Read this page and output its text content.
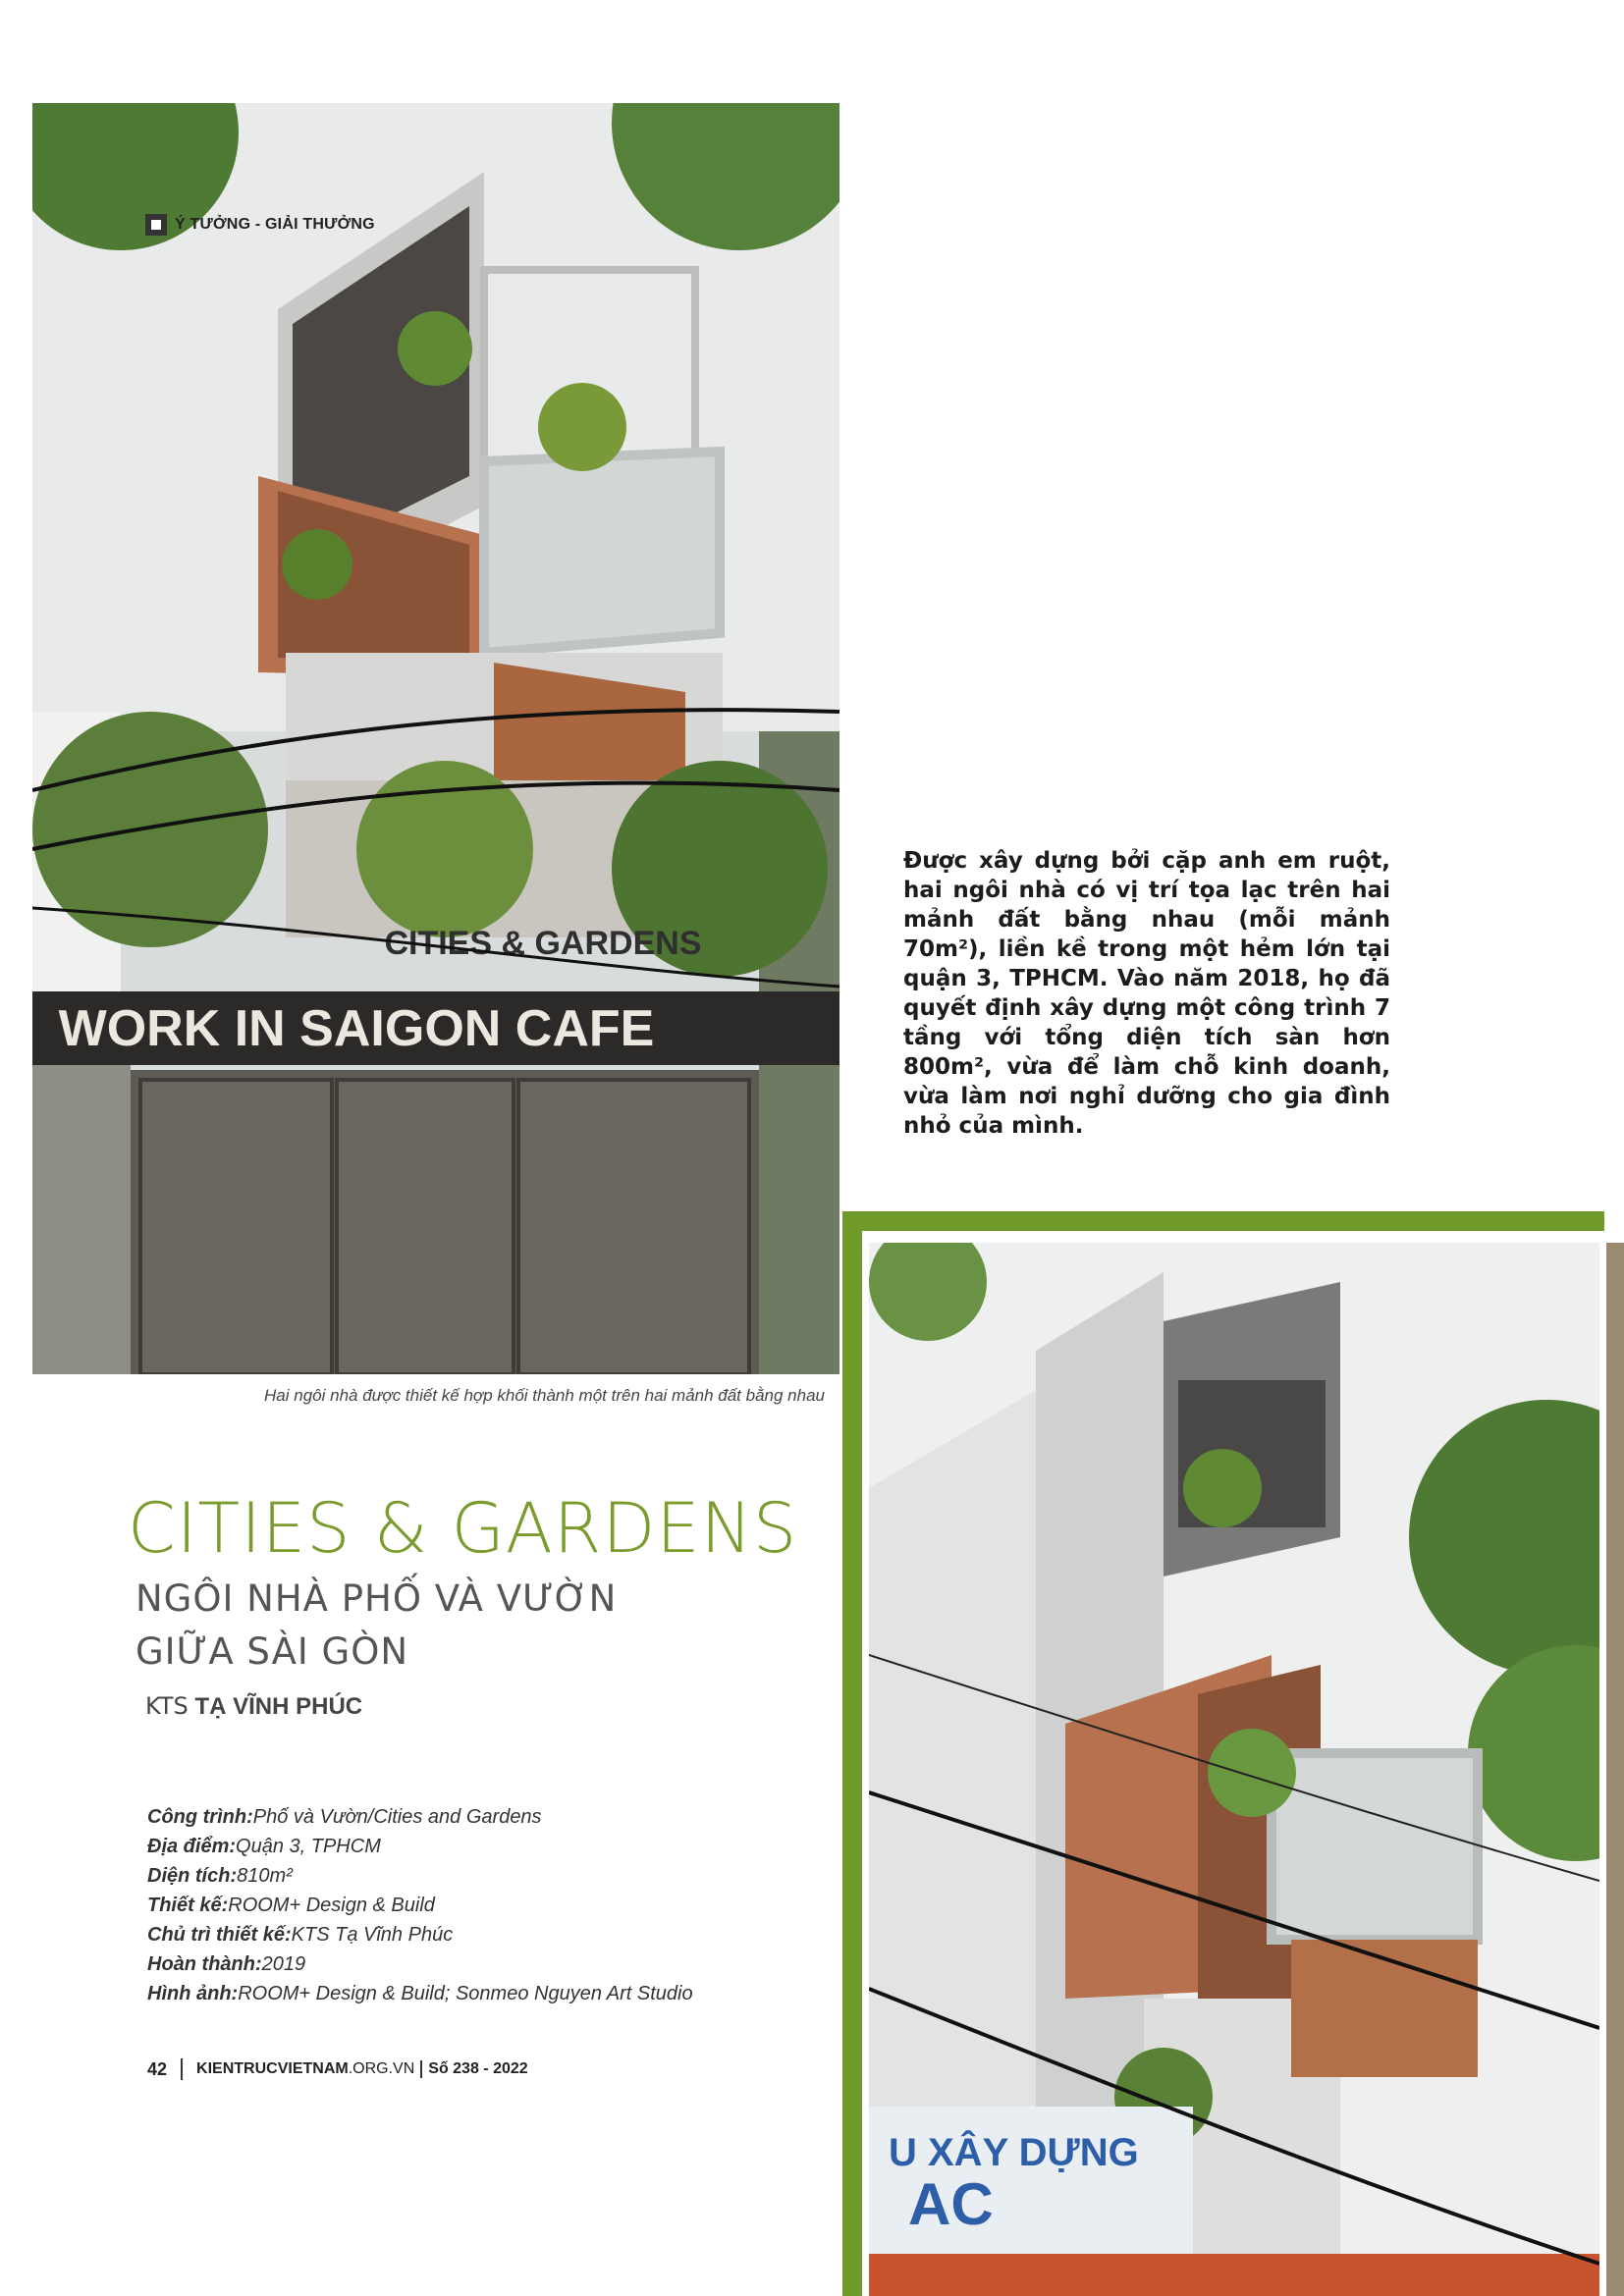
CITIES & GARDENS
WORK IN SAIGON CAFE
Ý TƯỞNG - GIẢI THƯỞNG
Hai ngôi nhà được thiết kế hợp khối thành một trên hai mảnh đất bằng nhau
Được xây dựng bởi cặp anh em ruột, hai ngôi nhà có vị trí tọa lạc trên hai mảnh đất bằng nhau (mỗi mảnh 70m²), liền kề trong một hẻm lớn tại quận 3, TPHCM. Vào năm 2018, họ đã quyết định xây dựng một công trình 7 tầng với tổng diện tích sàn hơn 800m², vừa để làm chỗ kinh doanh, vừa làm nơi nghỉ dưỡng cho gia đình nhỏ của mình.
CITIES & GARDENS
NGÔI NHÀ PHỐ VÀ VƯỜN
GIỮA SÀI GÒN
KTS TẠ VĨNH PHÚC
Công trình:Phố và Vườn/Cities and Gardens
Địa điểm:Quận 3, TPHCM
Diện tích:810m²
Thiết kế:ROOM+ Design & Build
Chủ trì thiết kế:KTS Tạ Vĩnh Phúc
Hoàn thành:2019
Hình ảnh:ROOM+ Design & Build; Sonmeo Nguyen Art Studio
42 KIENTRUCVIETNAM.ORG.VN Số 238 - 2022
U XÂY DỰNG
AC
